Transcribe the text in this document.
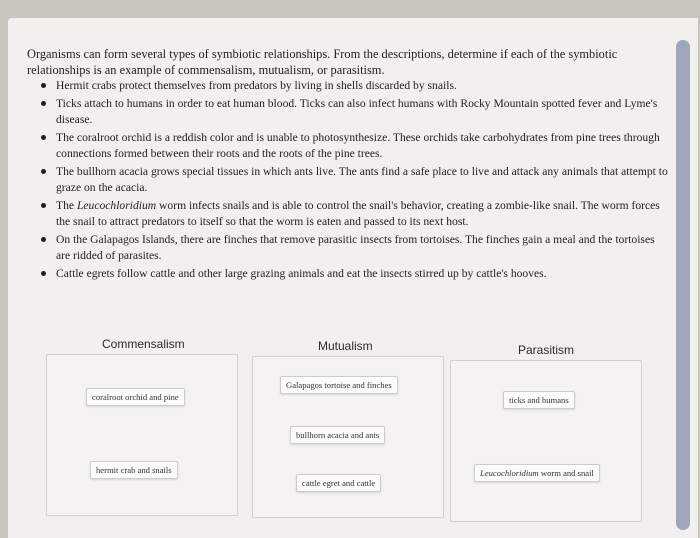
Organisms can form several types of symbiotic relationships. From the descriptions, determine if each of the symbiotic relationships is an example of commensalism, mutualism, or parasitism.

Hermit crabs protect themselves from predators by living in shells discarded by snails.
Ticks attach to humans in order to eat human blood. Ticks can also infect humans with Rocky Mountain spotted fever and Lyme's disease.
The coralroot orchid is a reddish color and is unable to photosynthesize. These orchids take carbohydrates from pine trees through connections formed between their roots and the roots of the pine trees.
The bullhorn acacia grows special tissues in which ants live. The ants find a safe place to live and attack any animals that attempt to graze on the acacia.
The Leucochloridium worm infects snails and is able to control the snail's behavior, creating a zombie-like snail. The worm forces the snail to attract predators to itself so that the worm is eaten and passed to its next host.
On the Galapagos Islands, there are finches that remove parasitic insects from tortoises. The finches gain a meal and the tortoises are ridded of parasites.
Cattle egrets follow cattle and other large grazing animals and eat the insects stirred up by cattle's hooves.
Commensalism	Mutualism	Parasitism
coralroot orchid and pine
hermit crab and snails
Galapagos tortoise and finches
bullhorn acacia and ants
cattle egret and cattle
ticks and humans
Leucochloridium worm and snail
